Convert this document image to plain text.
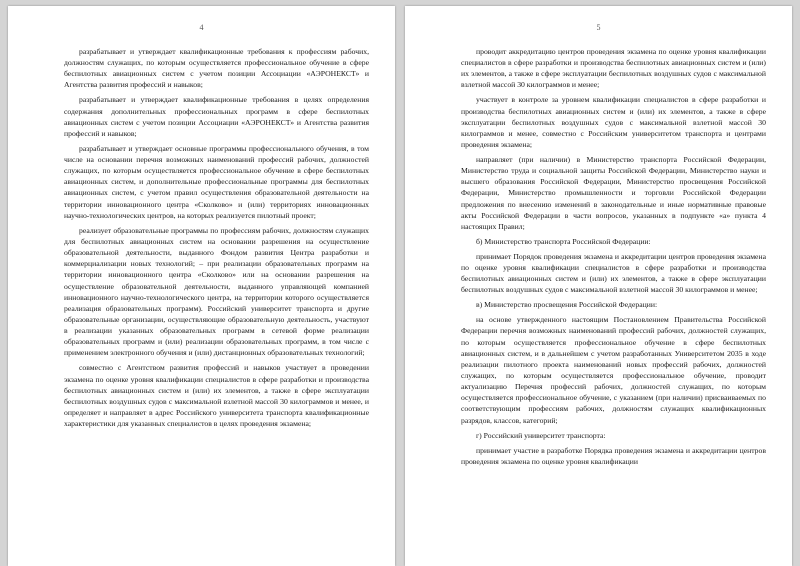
4

разрабатывает и утверждает квалификационные требования к профессиям рабочих, должностям служащих, по которым осуществляется профессиональное обучение в сфере беспилотных авиационных систем с учетом позиции Ассоциации «АЭРОНЕКСТ» и Агентства развития профессий и навыков;

разрабатывает и утверждает квалификационные требования в целях определения содержания дополнительных профессиональных программ в сфере беспилотных авиационных систем с учетом позиции Ассоциации «АЭРОНЕКСТ» и Агентства развития профессий и навыков;

разрабатывает и утверждает основные программы профессионального обучения, в том числе на основании перечня возможных наименований профессий рабочих, должностей служащих, по которым осуществляется профессиональное обучение в сфере беспилотных авиационных систем, и дополнительные профессиональные программы для беспилотных авиационных систем, с учетом правил осуществления образовательной деятельности на территории инновационного центра «Сколково» и (или) территориях инновационных научно-технологических центров, на которых реализуется пилотный проект;

реализует образовательные программы по профессиям рабочих, должностям служащих для беспилотных авиационных систем на основании разрешения на осуществление образовательной деятельности, выданного Фондом развития Центра разработки и коммерциализации новых технологий; – при реализации образовательных программ на территории инновационного центра «Сколково» или на основании разрешения на осуществление образовательной деятельности, выданного управляющей компанией инновационного научно-технологического центра, на территории которого осуществляется реализация образовательных программ). Российский университет транспорта и другие образовательные организации, осуществляющие образовательную деятельность, участвуют в реализации указанных образовательных программ в сетевой форме реализации образовательных программ и (или) реализации образовательных программ, в том числе с применением электронного обучения и (или) дистанционных образовательных технологий;

совместно с Агентством развития профессий и навыков участвует в проведении экзамена по оценке уровня квалификации специалистов в сфере разработки и производства беспилотных авиационных систем и (или) их элементов, а также в сфере эксплуатации беспилотных воздушных судов с максимальной взлетной массой 30 килограммов и менее, и определяет и направляет в адрес Российского университета транспорта квалификационные характеристики для указанных специалистов в целях проведения экзамена;

5

проводит аккредитацию центров проведения экзамена по оценке уровня квалификации специалистов в сфере разработки и производства беспилотных авиационных систем и (или) их элементов, а также в сфере эксплуатации беспилотных воздушных судов с максимальной взлетной массой 30 килограммов и менее;

участвует в контроле за уровнем квалификации специалистов в сфере разработки и производства беспилотных авиационных систем и (или) их элементов, а также в сфере эксплуатации беспилотных воздушных судов с максимальной взлетной массой 30 килограммов и менее, совместно с Российским университетом транспорта и центрами проведения экзамена;

направляет (при наличии) в Министерство транспорта Российской Федерации, Министерство труда и социальной защиты Российской Федерации, Министерство науки и высшего образования Российской Федерации, Министерство просвещения Российской Федерации, Министерство промышленности и торговли Российской Федерации предложения по внесению изменений в законодательные и иные нормативные правовые акты Российской Федерации в части вопросов, указанных в подпункте «а» пункта 4 настоящих Правил;

б) Министерство транспорта Российской Федерации:

принимает Порядок проведения экзамена и аккредитации центров проведения экзамена по оценке уровня квалификации специалистов в сфере разработки и производства беспилотных авиационных систем и (или) их элементов, а также в сфере эксплуатации беспилотных воздушных судов с максимальной взлетной массой 30 килограммов и менее;

в) Министерство просвещения Российской Федерации:

на основе утвержденного настоящим Постановлением Правительства Российской Федерации перечня возможных наименований профессий рабочих, должностей служащих, по которым осуществляется профессиональное обучение в сфере беспилотных авиационных систем, и в дальнейшем с учетом разработанных Университетом 2035 в ходе реализации пилотного проекта наименований новых профессий рабочих, должностей служащих, по которым осуществляется профессиональное обучение, проводит актуализацию Перечня профессий рабочих, должностей служащих, по которым осуществляется профессиональное обучение, с указанием (при наличии) присваиваемых по соответствующим профессиям рабочих, должностям служащих квалификационных разрядов, классов, категорий;

г) Российский университет транспорта:

принимает участие в разработке Порядка проведения экзамена и аккредитации центров проведения экзамена по оценке уровня квалификации
